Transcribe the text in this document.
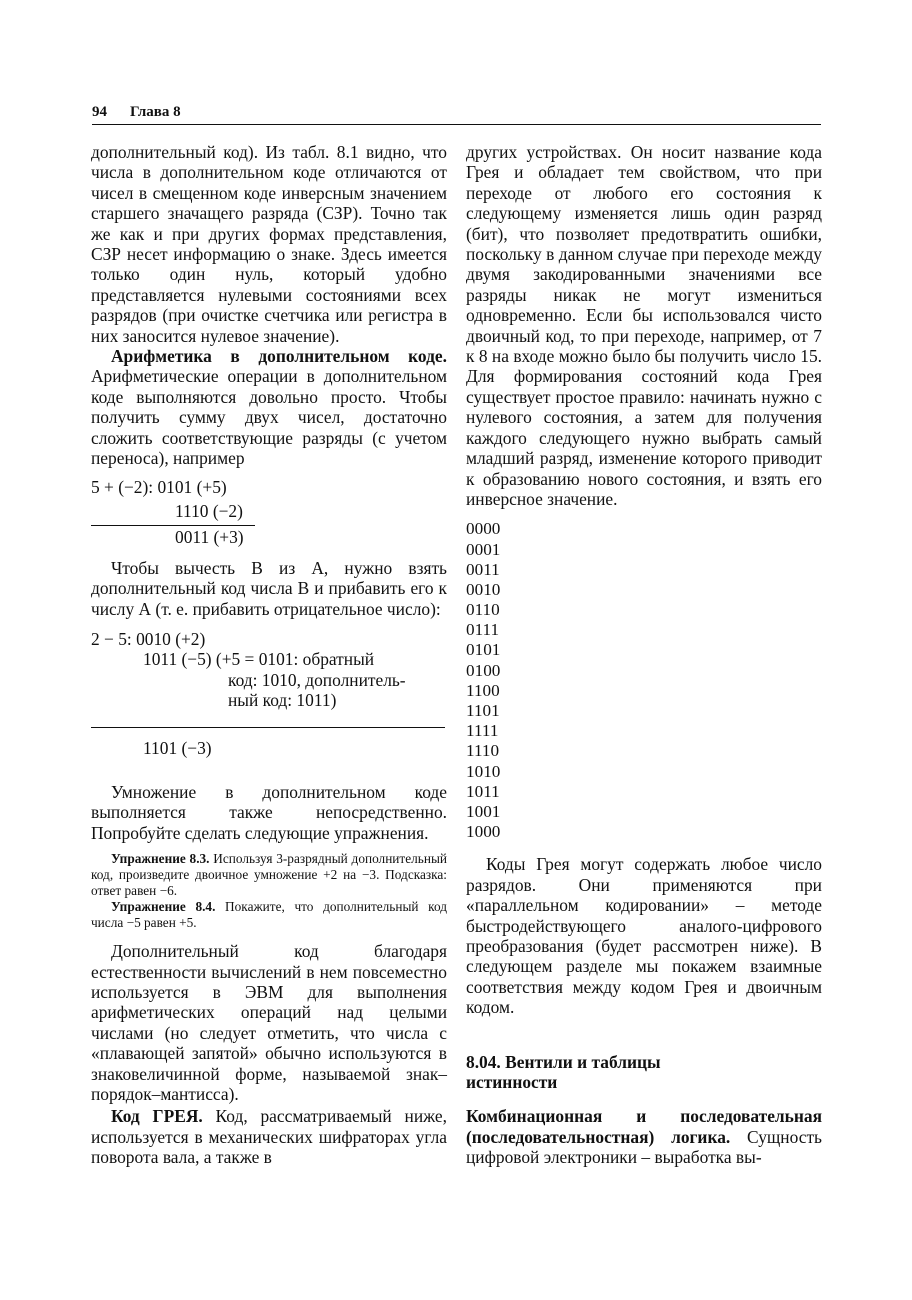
94 Глава 8

дополнительный код). Из табл. 8.1 видно, что числа в дополнительном коде отличаются от чисел в смещенном коде инверсным значением старшего значащего разряда (СЗР). Точно так же как и при других формах представления, СЗР несет информацию о знаке. Здесь имеется только один нуль, который удобно представляется нулевыми состояниями всех разрядов (при очистке счетчика или регистра в них заносится нулевое значение).

Арифметика в дополнительном коде. Арифметические операции в дополнительном коде выполняются довольно просто. Чтобы получить сумму двух чисел, достаточно сложить соответствующие разряды (с учетом переноса), например

5 + (−2): 0101 (+5)
1110 (−2)
0011 (+3)

Чтобы вычесть В из А, нужно взять дополнительный код числа В и прибавить его к числу А (т. е. прибавить отрицательное число):

2 − 5: 0010 (+2)
1011 (−5) (+5 = 0101: обратный
код: 1010, дополнитель-
ный код: 1011)
1101 (−3)

Умножение в дополнительном коде выполняется также непосредственно. Попробуйте сделать следующие упражнения.

Упражнение 8.3. Используя 3-разрядный дополнительный код, произведите двоичное умножение +2 на −3. Подсказка: ответ равен −6.

Упражнение 8.4. Покажите, что дополнительный код числа −5 равен +5.

Дополнительный код благодаря естественности вычислений в нем повсеместно используется в ЭВМ для выполнения арифметических операций над целыми числами (но следует отметить, что числа с «плавающей запятой» обычно используются в знаковеличинной форме, называемой знак–порядок–мантисса).

Код ГРЕЯ. Код, рассматриваемый ниже, используется в механических шифраторах угла поворота вала, а также в

других устройствах. Он носит название кода Грея и обладает тем свойством, что при переходе от любого его состояния к следующему изменяется лишь один разряд (бит), что позволяет предотвратить ошибки, поскольку в данном случае при переходе между двумя закодированными значениями все разряды никак не могут измениться одновременно. Если бы использовался чисто двоичный код, то при переходе, например, от 7 к 8 на входе можно было бы получить число 15. Для формирования состояний кода Грея существует простое правило: начинать нужно с нулевого состояния, а затем для получения каждого следующего нужно выбрать самый младший разряд, изменение которого приводит к образованию нового состояния, и взять его инверсное значение.

0000
0001
0011
0010
0110
0111
0101
0100
1100
1101
1111
1110
1010
1011
1001
1000

Коды Грея могут содержать любое число разрядов. Они применяются при «параллельном кодировании» – методе быстродействующего аналого-цифрового преобразования (будет рассмотрен ниже). В следующем разделе мы покажем взаимные соответствия между кодом Грея и двоичным кодом.

8.04. Вентили и таблицы истинности

Комбинационная и последовательная (последовательностная) логика. Сущность цифровой электроники – выработка вы-
